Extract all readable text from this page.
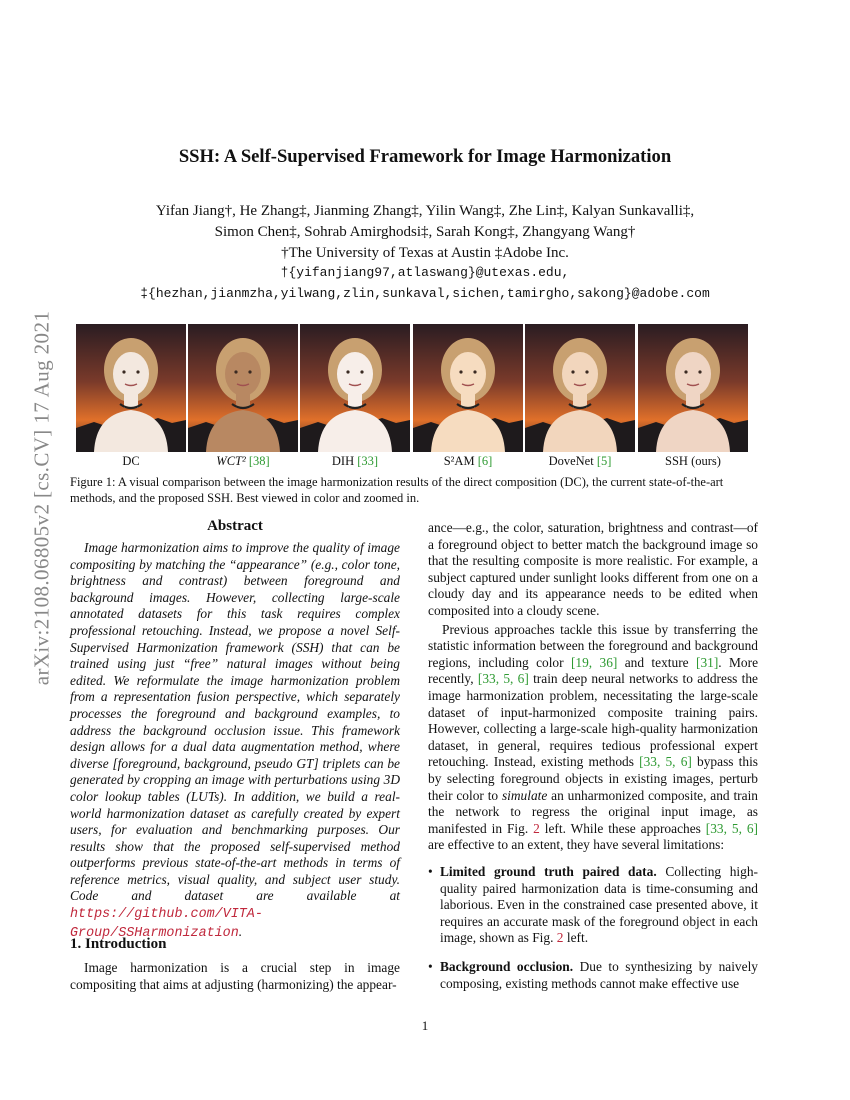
arXiv:2108.06805v2 [cs.CV] 17 Aug 2021
SSH: A Self-Supervised Framework for Image Harmonization
Yifan Jiang†, He Zhang‡, Jianming Zhang‡, Yilin Wang‡, Zhe Lin‡, Kalyan Sunkavalli‡,
Simon Chen‡, Sohrab Amirghodsi‡, Sarah Kong‡, Zhangyang Wang†
†The University of Texas at Austin ‡Adobe Inc.
†{yifanjiang97,atlaswang}@utexas.edu,
‡{hezhan,jianmzha,yilwang,zlin,sunkaval,sichen,tamirgho,sakong}@adobe.com
DC	WCT² [38]	DIH [33]	S²AM [6]	DoveNet [5]	SSH (ours)
Figure 1: A visual comparison between the image harmonization results of the direct composition (DC), the current state-of-the-art methods, and the proposed SSH. Best viewed in color and zoomed in.
Abstract

Image harmonization aims to improve the quality of image compositing by matching the “appearance” (e.g., color tone, brightness and contrast) between foreground and background images. However, collecting large-scale annotated datasets for this task requires complex professional retouching. Instead, we propose a novel Self-Supervised Harmonization framework (SSH) that can be trained using just “free” natural images without being edited. We reformulate the image harmonization problem from a representation fusion perspective, which separately processes the foreground and background examples, to address the background occlusion issue. This framework design allows for a dual data augmentation method, where diverse [foreground, background, pseudo GT] triplets can be generated by cropping an image with perturbations using 3D color lookup tables (LUTs). In addition, we build a real-world harmonization dataset as carefully created by expert users, for evaluation and benchmarking purposes. Our results show that the proposed self-supervised method outperforms previous state-of-the-art methods in terms of reference metrics, visual quality, and subject user study. Code and dataset are available at https://github.com/VITA-Group/SSHarmonization.

1. Introduction

Image harmonization is a crucial step in image compositing that aims at adjusting (harmonizing) the appear-

ance—e.g., the color, saturation, brightness and contrast—of a foreground object to better match the background image so that the resulting composite is more realistic. For example, a subject captured under sunlight looks different from one on a cloudy day and its appearance needs to be edited when composited into a cloudy scene.

Previous approaches tackle this issue by transferring the statistic information between the foreground and background regions, including color [19, 36] and texture [31]. More recently, [33, 5, 6] train deep neural networks to address the image harmonization problem, necessitating the large-scale dataset of input-harmonized composite training pairs. However, collecting a large-scale high-quality harmonization dataset, in general, requires tedious professional expert retouching. Instead, existing methods [33, 5, 6] bypass this by selecting foreground objects in existing images, perturb their color to simulate an unharmonized composite, and train the network to regress the original input image, as manifested in Fig. 2 left. While these approaches [33, 5, 6] are effective to an extent, they have several limitations:

• Limited ground truth paired data. Collecting high-quality paired harmonization data is time-consuming and laborious. Even in the constrained case presented above, it requires an accurate mask of the foreground object in each image, shown as Fig. 2 left.
• Background occlusion. Due to synthesizing by naively composing, existing methods cannot make effective use
1
